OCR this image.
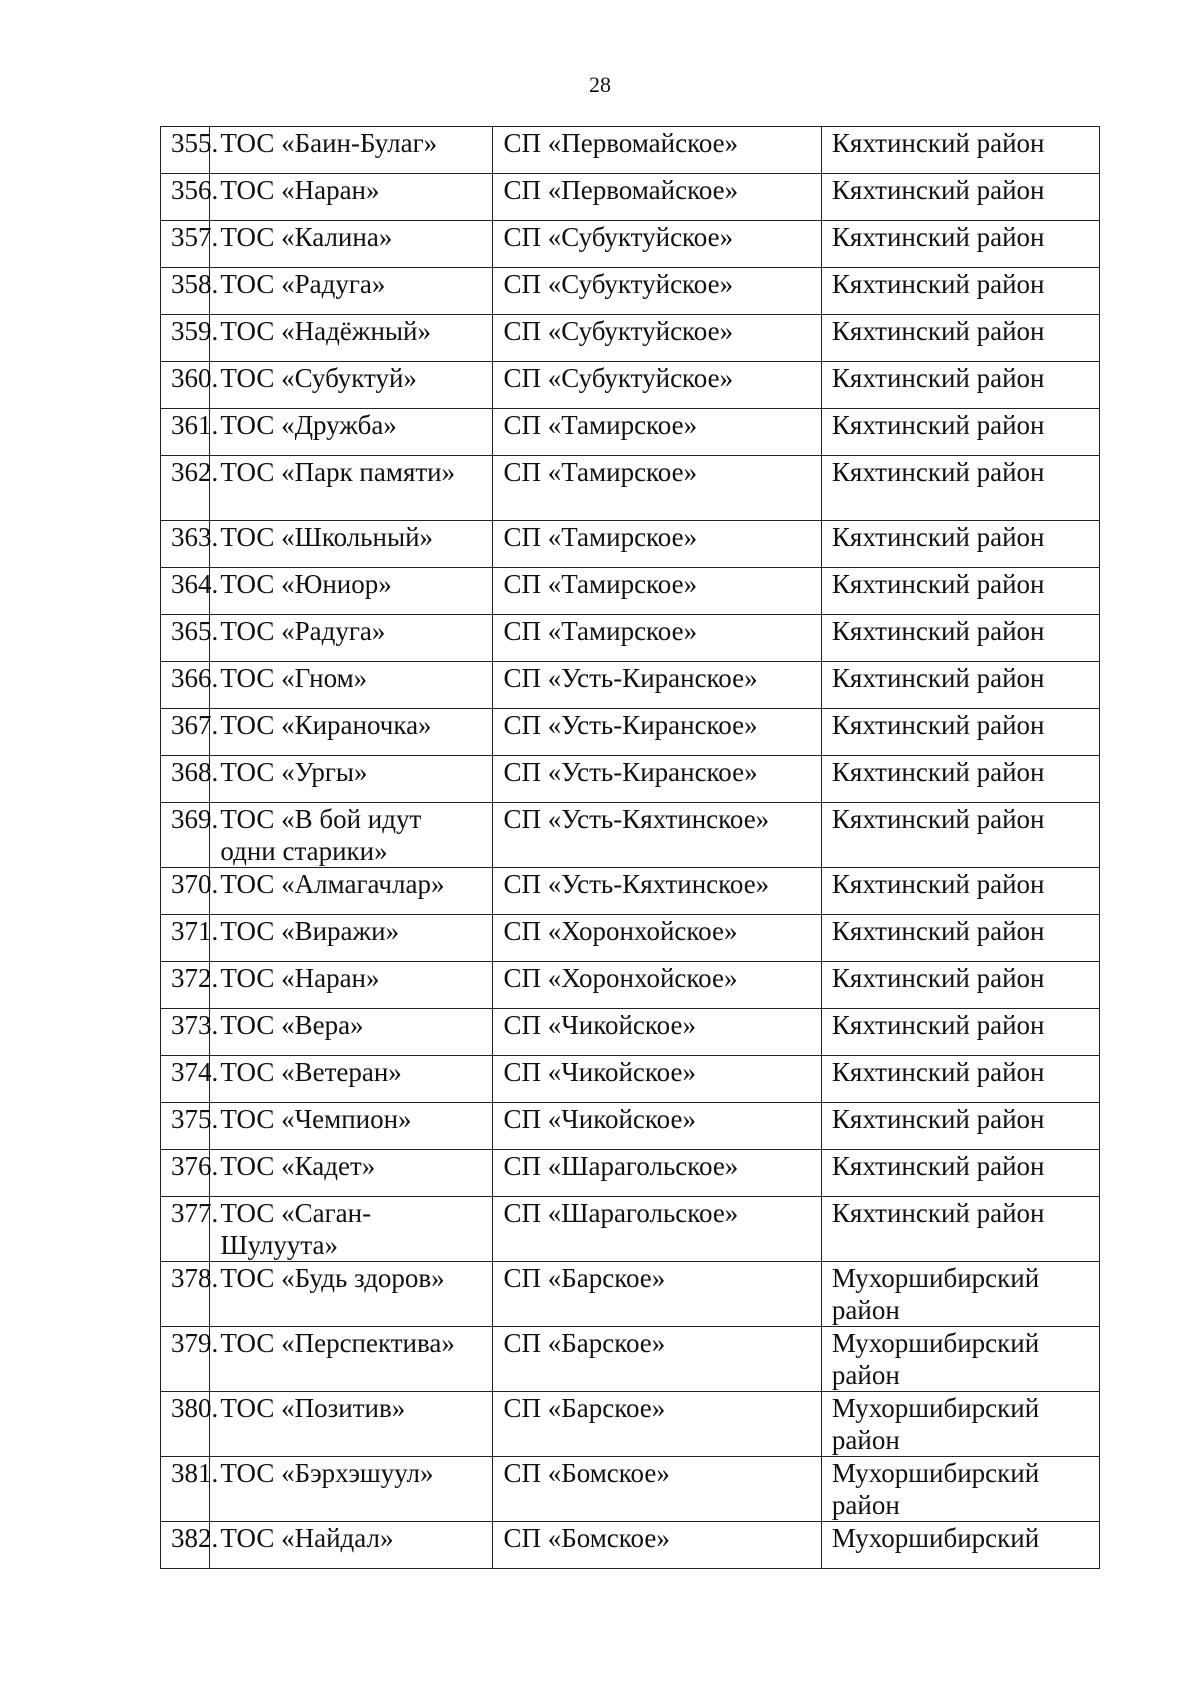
28
355.	ТОС «Баин-Булаг»	СП «Первомайское»	Кяхтинский район
356.	ТОС «Наран»	СП «Первомайское»	Кяхтинский район
357.	ТОС «Калина»	СП «Субуктуйское»	Кяхтинский район
358.	ТОС «Радуга»	СП «Субуктуйское»	Кяхтинский район
359.	ТОС «Надёжный»	СП «Субуктуйское»	Кяхтинский район
360.	ТОС «Субуктуй»	СП «Субуктуйское»	Кяхтинский район
361.	ТОС «Дружба»	СП «Тамирское»	Кяхтинский район
362.	ТОС «Парк памяти»	СП «Тамирское»	Кяхтинский район
363.	ТОС «Школьный»	СП «Тамирское»	Кяхтинский район
364.	ТОС «Юниор»	СП «Тамирское»	Кяхтинский район
365.	ТОС «Радуга»	СП «Тамирское»	Кяхтинский район
366.	ТОС «Гном»	СП «Усть-Киранское»	Кяхтинский район
367.	ТОС «Кираночка»	СП «Усть-Киранское»	Кяхтинский район
368.	ТОС «Ургы»	СП «Усть-Киранское»	Кяхтинский район
369.	ТОС «В бой идут одни старики»	СП «Усть-Кяхтинское»	Кяхтинский район
370.	ТОС «Алмагачлар»	СП «Усть-Кяхтинское»	Кяхтинский район
371.	ТОС «Виражи»	СП «Хоронхойское»	Кяхтинский район
372.	ТОС «Наран»	СП «Хоронхойское»	Кяхтинский район
373.	ТОС «Вера»	СП «Чикойское»	Кяхтинский район
374.	ТОС «Ветеран»	СП «Чикойское»	Кяхтинский район
375.	ТОС «Чемпион»	СП «Чикойское»	Кяхтинский район
376.	ТОС «Кадет»	СП «Шарагольское»	Кяхтинский район
377.	ТОС «Саган-Шулуута»	СП «Шарагольское»	Кяхтинский район
378.	ТОС «Будь здоров»	СП «Барское»	Мухоршибирский район
379.	ТОС «Перспектива»	СП «Барское»	Мухоршибирский район
380.	ТОС «Позитив»	СП «Барское»	Мухоршибирский район
381.	ТОС «Бэрхэшуул»	СП «Бомское»	Мухоршибирский район
382.	ТОС «Найдал»	СП «Бомское»	Мухоршибирский
